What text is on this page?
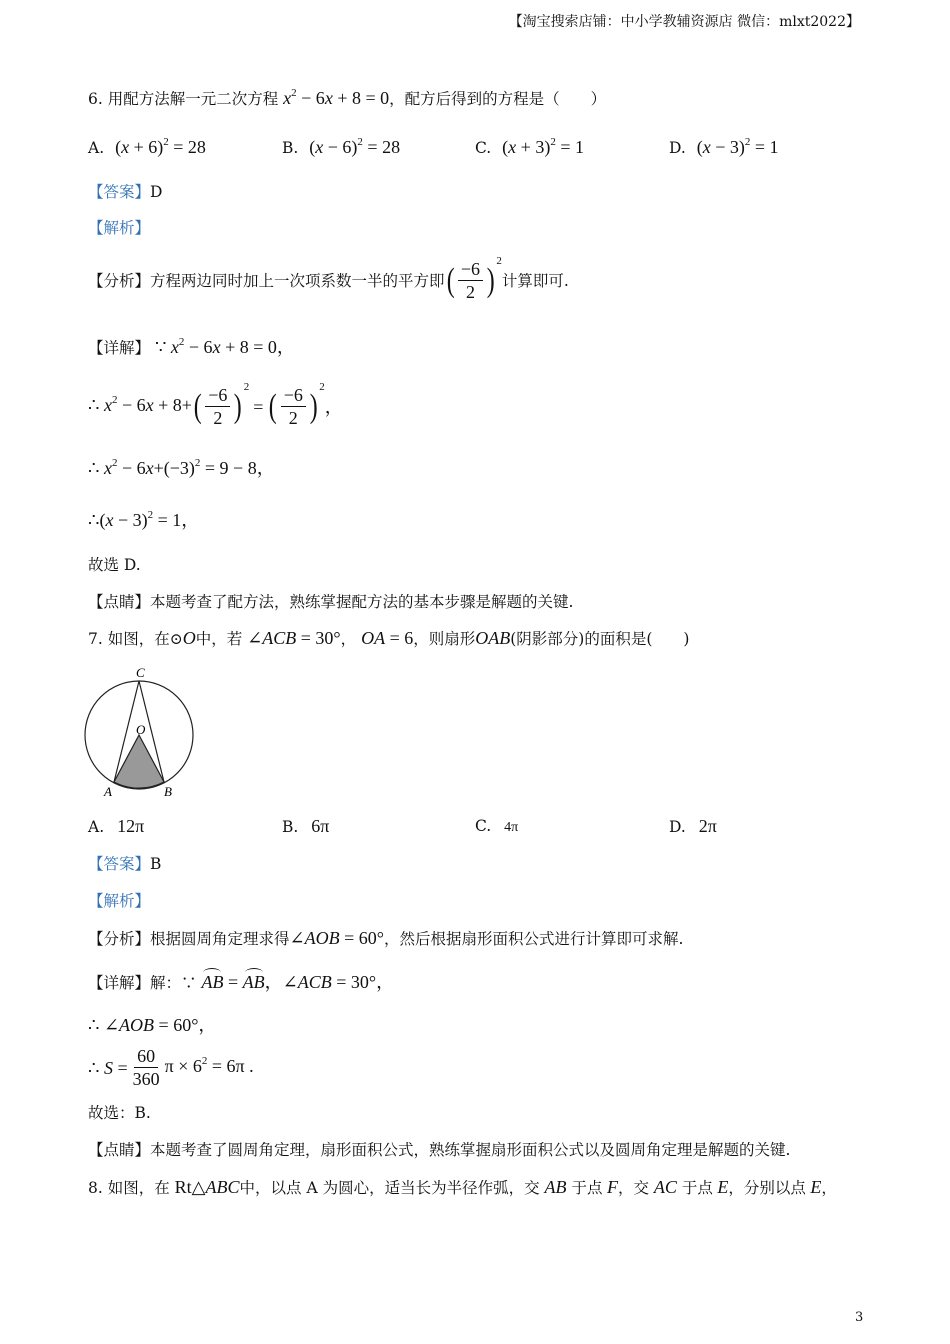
【淘宝搜索店铺：中小学教辅资源店 微信：mlxt2022】
6. 用配方法解一元二次方程 $x^2 - 6x + 8 = 0$，配方后得到的方程是（　　）
A. $(x + 6)^2 = 28$	B. $(x - 6)^2 = 28$	C. $(x + 3)^2 = 1$	D. $(x - 3)^2 = 1$
【答案】D
【解析】
【分析】 方程两边同时加上一次项系数一半的平方即 ( $\frac{-6}{2}$ )
2
计算即可.
【详解】 ∵ $x^2 - 6x + 8 = 0$，
∴ $x^2 - 6x + 8+$ ( $\frac{-6}{2}$ )
2
= ( $\frac{-6}{2}$ )
2
，
∴ $x^2 - 6x+(-3)^2 = 9 - 8$，
∴(x − 3)$^2$ = 1，
故选 D.
【点睛】本题考查了配方法，熟练掌握配方法的基本步骤是解题的关键.
7. 如图，在⊙O中，若 ∠ACB = 30°， OA = 6，则扇形OAB(阴影部分)的面积是(　　)
C
O
A	B
A. 12π	B. 6π	C. 4π	D. 2π
【答案】B
【解析】
【分析】根据圆周角定理求得∠AOB = 60°，然后根据扇形面积公式进行计算即可求解.
【详解】解：∵ AB = AB，∠ACB = 30°，
∴ ∠AOB = 60°，
∴ $S = \frac{60}{360}$ $\pi \times 6^2 = 6\pi$ .
故选：B.
【点睛】本题考查了圆周角定理，扇形面积公式，熟练掌握扇形面积公式以及圆周角定理是解题的关键.
8. 如图，在 Rt△ABC中，以点 A 为圆心，适当长为半径作弧，交 AB 于点 F，交 AC 于点 E，分别以点 E，
3
